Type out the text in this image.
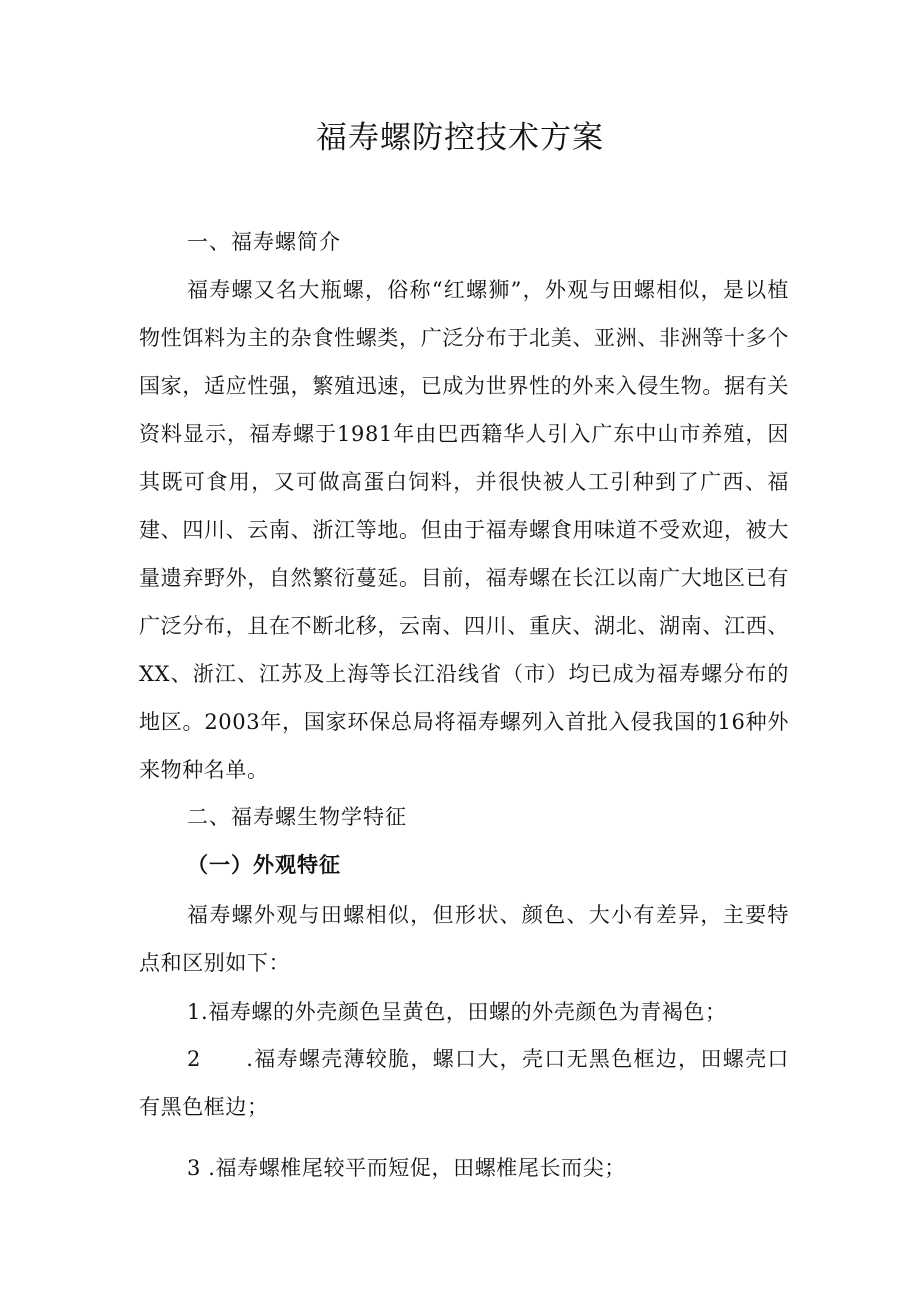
福寿螺防控技术方案
一、福寿螺简介

福寿螺又名大瓶螺，俗称“红螺狮”，外观与田螺相似，是以植物性饵料为主的杂食性螺类，广泛分布于北美、亚洲、非洲等十多个国家，适应性强，繁殖迅速，已成为世界性的外来入侵生物。据有关资料显示，福寿螺于1981年由巴西籍华人引入广东中山市养殖，因其既可食用，又可做高蛋白饲料，并很快被人工引种到了广西、福建、四川、云南、浙江等地。但由于福寿螺食用味道不受欢迎，被大量遗弃野外，自然繁衍蔓延。目前，福寿螺在长江以南广大地区已有广泛分布，且在不断北移，云南、四川、重庆、湖北、湖南、江西、XX、浙江、江苏及上海等长江沿线省（市）均已成为福寿螺分布的地区。2003年，国家环保总局将福寿螺列入首批入侵我国的16种外来物种名单。

二、福寿螺生物学特征
（一）外观特征

福寿螺外观与田螺相似，但形状、颜色、大小有差异，主要特点和区别如下：

1.福寿螺的外壳颜色呈黄色，田螺的外壳颜色为青褐色；

2　　.福寿螺壳薄较脆，螺口大，壳口无黑色框边，田螺壳口有黑色框边；

3 .福寿螺椎尾较平而短促，田螺椎尾长而尖；
